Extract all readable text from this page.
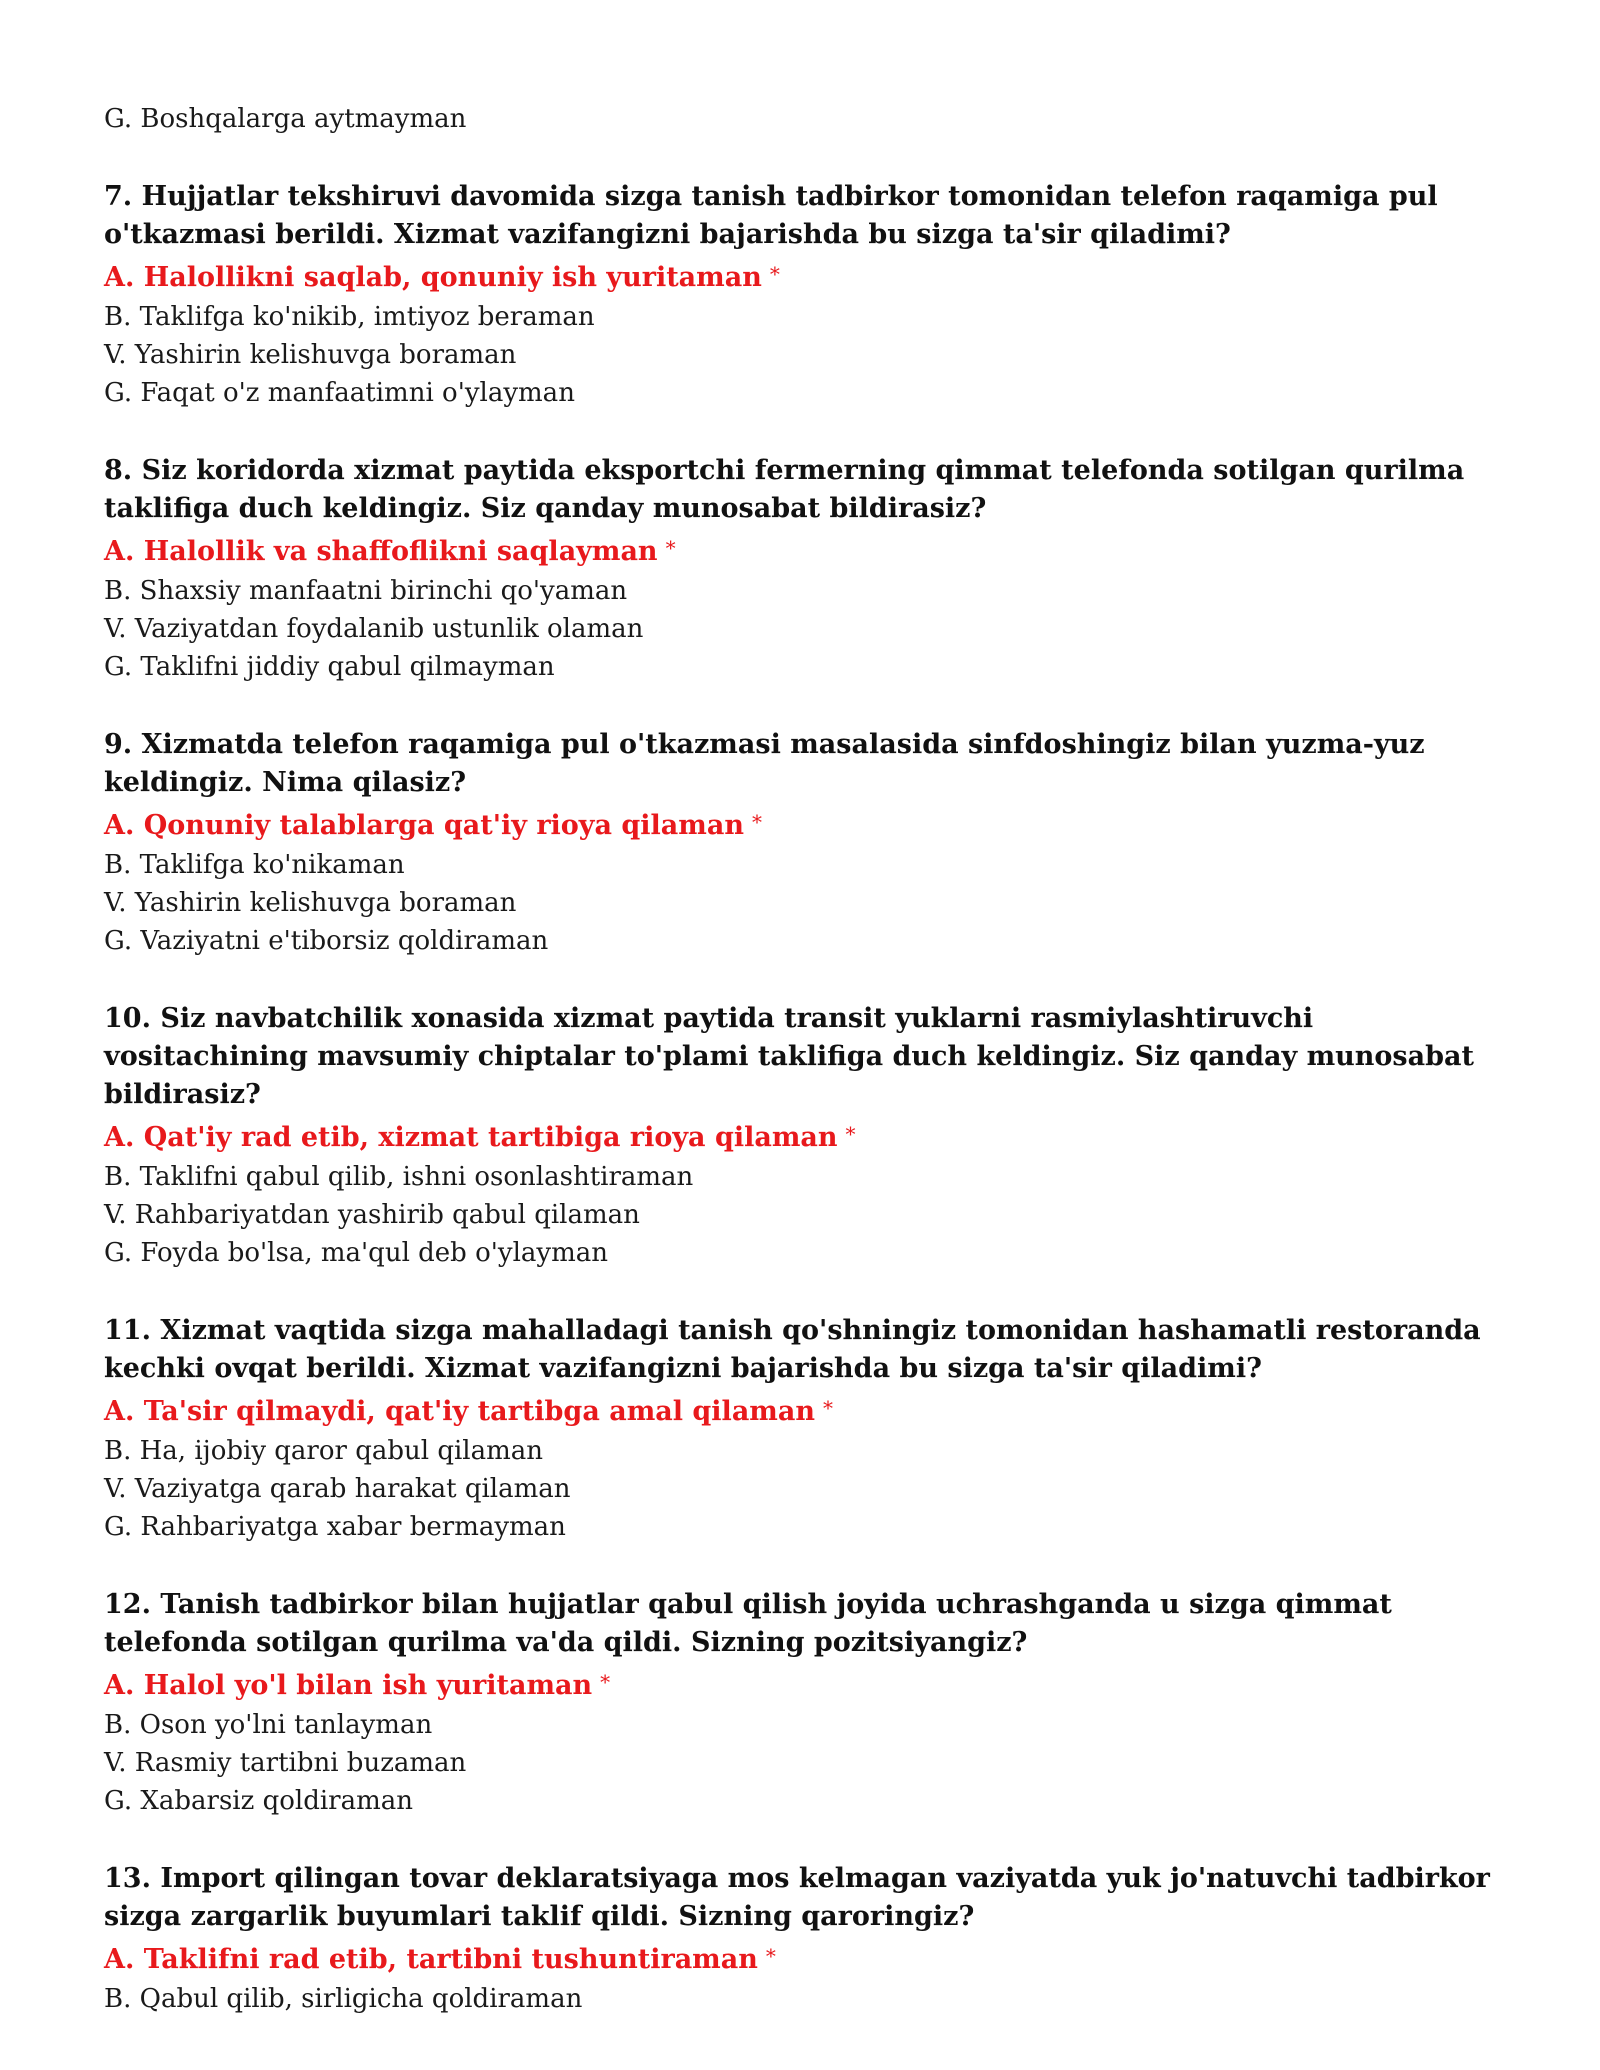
G. Boshqalarga aytmayman

7. Hujjatlar tekshiruvi davomida sizga tanish tadbirkor tomonidan telefon raqamiga pul o'tkazmasi berildi. Xizmat vazifangizni bajarishda bu sizga ta'sir qiladimi?

A. Halollikni saqlab, qonuniy ish yuritaman *

B. Taklifga ko'nikib, imtiyoz beraman

V. Yashirin kelishuvga boraman

G. Faqat o'z manfaatimni o'ylayman

8. Siz koridorda xizmat paytida eksportchi fermerning qimmat telefonda sotilgan qurilma taklifiga duch keldingiz. Siz qanday munosabat bildirasiz?

A. Halollik va shaffoflikni saqlayman *

B. Shaxsiy manfaatni birinchi qo'yaman

V. Vaziyatdan foydalanib ustunlik olaman

G. Taklifni jiddiy qabul qilmayman

9. Xizmatda telefon raqamiga pul o'tkazmasi masalasida sinfdoshingiz bilan yuzma-yuz keldingiz. Nima qilasiz?

A. Qonuniy talablarga qat'iy rioya qilaman *

B. Taklifga ko'nikaman

V. Yashirin kelishuvga boraman

G. Vaziyatni e'tiborsiz qoldiraman

10. Siz navbatchilik xonasida xizmat paytida transit yuklarni rasmiylashtiruvchi vositachining mavsumiy chiptalar to'plami taklifiga duch keldingiz. Siz qanday munosabat bildirasiz?

A. Qat'iy rad etib, xizmat tartibiga rioya qilaman *

B. Taklifni qabul qilib, ishni osonlashtiraman

V. Rahbariyatdan yashirib qabul qilaman

G. Foyda bo'lsa, ma'qul deb o'ylayman

11. Xizmat vaqtida sizga mahalladagi tanish qo'shningiz tomonidan hashamatli restoranda kechki ovqat berildi. Xizmat vazifangizni bajarishda bu sizga ta'sir qiladimi?

A. Ta'sir qilmaydi, qat'iy tartibga amal qilaman *

B. Ha, ijobiy qaror qabul qilaman

V. Vaziyatga qarab harakat qilaman

G. Rahbariyatga xabar bermayman

12. Tanish tadbirkor bilan hujjatlar qabul qilish joyida uchrashganda u sizga qimmat telefonda sotilgan qurilma va'da qildi. Sizning pozitsiyangiz?

A. Halol yo'l bilan ish yuritaman *

B. Oson yo'lni tanlayman

V. Rasmiy tartibni buzaman

G. Xabarsiz qoldiraman

13. Import qilingan tovar deklaratsiyaga mos kelmagan vaziyatda yuk jo'natuvchi tadbirkor sizga zargarlik buyumlari taklif qildi. Sizning qaroringiz?

A. Taklifni rad etib, tartibni tushuntiraman *

B. Qabul qilib, sirligicha qoldiraman
